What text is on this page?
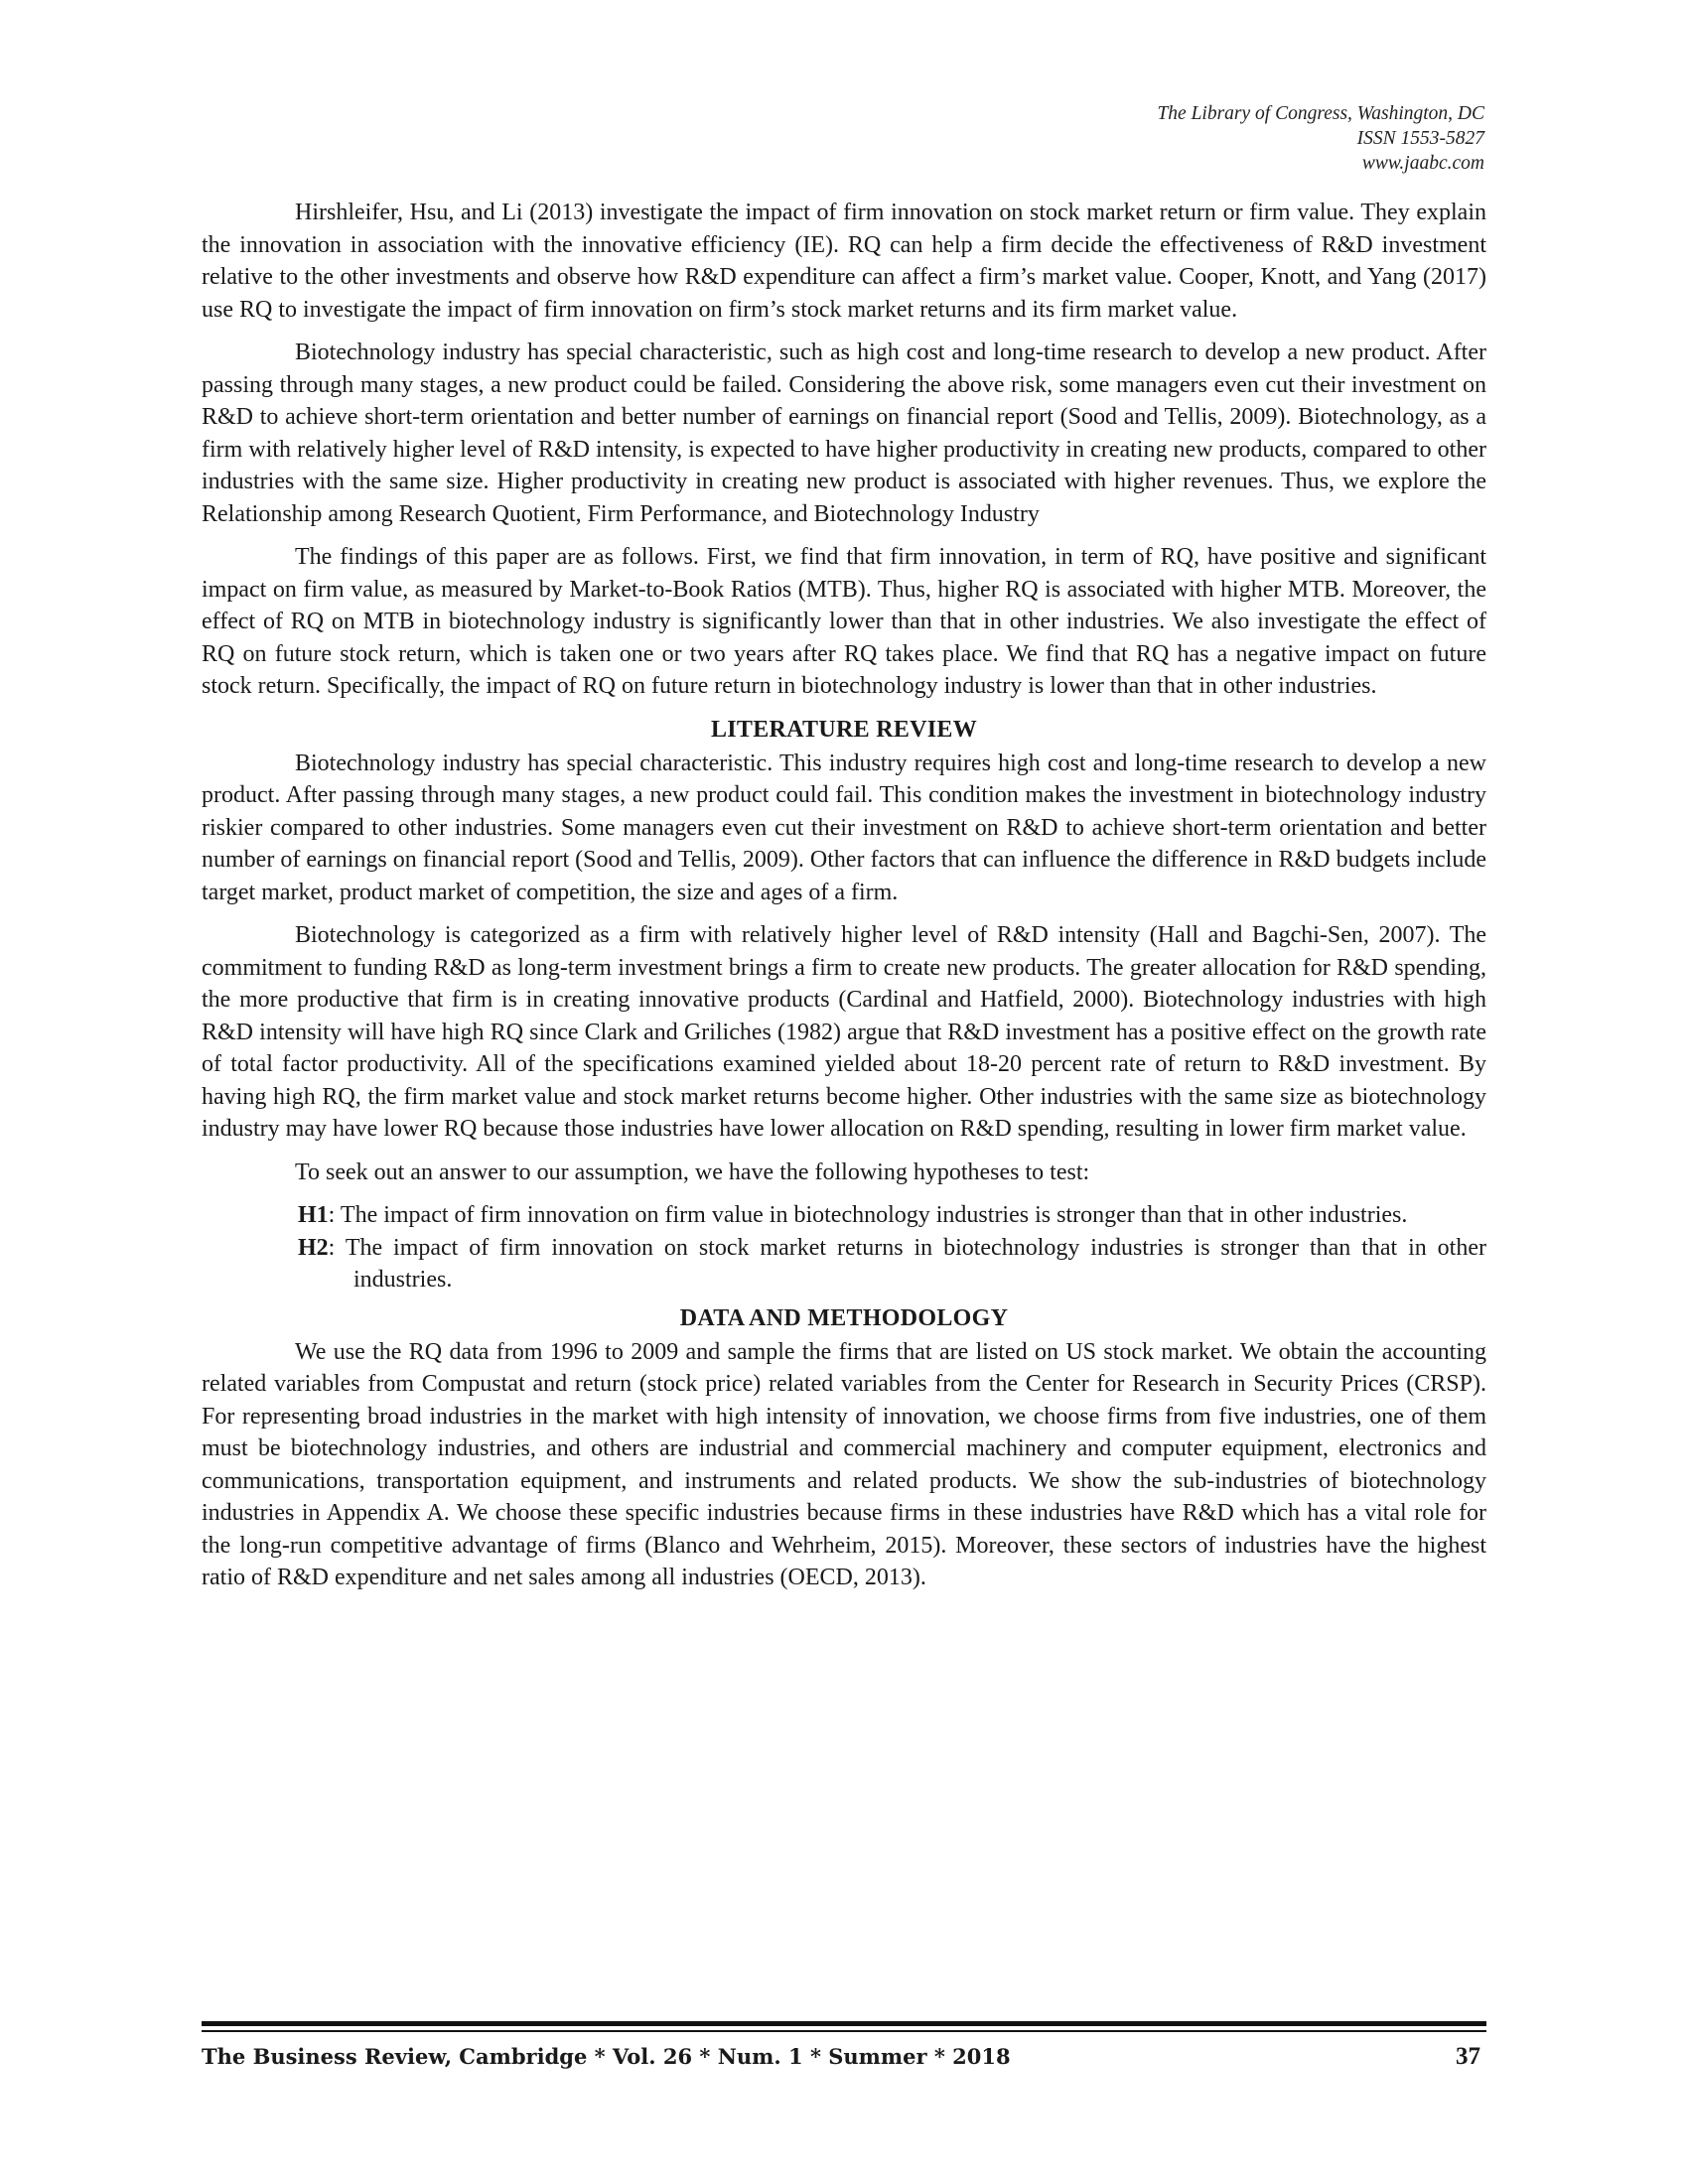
The Library of Congress, Washington, DC
ISSN 1553-5827
www.jaabc.com

Hirshleifer, Hsu, and Li (2013) investigate the impact of firm innovation on stock market return or firm value. They explain the innovation in association with the innovative efficiency (IE). RQ can help a firm decide the effectiveness of R&D investment relative to the other investments and observe how R&D expenditure can affect a firm’s market value. Cooper, Knott, and Yang (2017) use RQ to investigate the impact of firm innovation on firm’s stock market returns and its firm market value.

Biotechnology industry has special characteristic, such as high cost and long-time research to develop a new product. After passing through many stages, a new product could be failed. Considering the above risk, some managers even cut their investment on R&D to achieve short-term orientation and better number of earnings on financial report (Sood and Tellis, 2009). Biotechnology, as a firm with relatively higher level of R&D intensity, is expected to have higher productivity in creating new products, compared to other industries with the same size. Higher productivity in creating new product is associated with higher revenues. Thus, we explore the Relationship among Research Quotient, Firm Performance, and Biotechnology Industry

The findings of this paper are as follows. First, we find that firm innovation, in term of RQ, have positive and significant impact on firm value, as measured by Market-to-Book Ratios (MTB). Thus, higher RQ is associated with higher MTB. Moreover, the effect of RQ on MTB in biotechnology industry is significantly lower than that in other industries. We also investigate the effect of RQ on future stock return, which is taken one or two years after RQ takes place. We find that RQ has a negative impact on future stock return. Specifically, the impact of RQ on future return in biotechnology industry is lower than that in other industries.

LITERATURE REVIEW

Biotechnology industry has special characteristic. This industry requires high cost and long-time research to develop a new product. After passing through many stages, a new product could fail. This condition makes the investment in biotechnology industry riskier compared to other industries. Some managers even cut their investment on R&D to achieve short-term orientation and better number of earnings on financial report (Sood and Tellis, 2009). Other factors that can influence the difference in R&D budgets include target market, product market of competition, the size and ages of a firm.

Biotechnology is categorized as a firm with relatively higher level of R&D intensity (Hall and Bagchi-Sen, 2007). The commitment to funding R&D as long-term investment brings a firm to create new products. The greater allocation for R&D spending, the more productive that firm is in creating innovative products (Cardinal and Hatfield, 2000). Biotechnology industries with high R&D intensity will have high RQ since Clark and Griliches (1982) argue that R&D investment has a positive effect on the growth rate of total factor productivity. All of the specifications examined yielded about 18-20 percent rate of return to R&D investment. By having high RQ, the firm market value and stock market returns become higher. Other industries with the same size as biotechnology industry may have lower RQ because those industries have lower allocation on R&D spending, resulting in lower firm market value.

To seek out an answer to our assumption, we have the following hypotheses to test:

H1: The impact of firm innovation on firm value in biotechnology industries is stronger than that in other industries.

H2: The impact of firm innovation on stock market returns in biotechnology industries is stronger than that in other industries.

DATA AND METHODOLOGY

We use the RQ data from 1996 to 2009 and sample the firms that are listed on US stock market. We obtain the accounting related variables from Compustat and return (stock price) related variables from the Center for Research in Security Prices (CRSP). For representing broad industries in the market with high intensity of innovation, we choose firms from five industries, one of them must be biotechnology industries, and others are industrial and commercial machinery and computer equipment, electronics and communications, transportation equipment, and instruments and related products. We show the sub-industries of biotechnology industries in Appendix A. We choose these specific industries because firms in these industries have R&D which has a vital role for the long-run competitive advantage of firms (Blanco and Wehrheim, 2015). Moreover, these sectors of industries have the highest ratio of R&D expenditure and net sales among all industries (OECD, 2013).

The Business Review, Cambridge * Vol. 26 * Num. 1 * Summer * 2018	37
